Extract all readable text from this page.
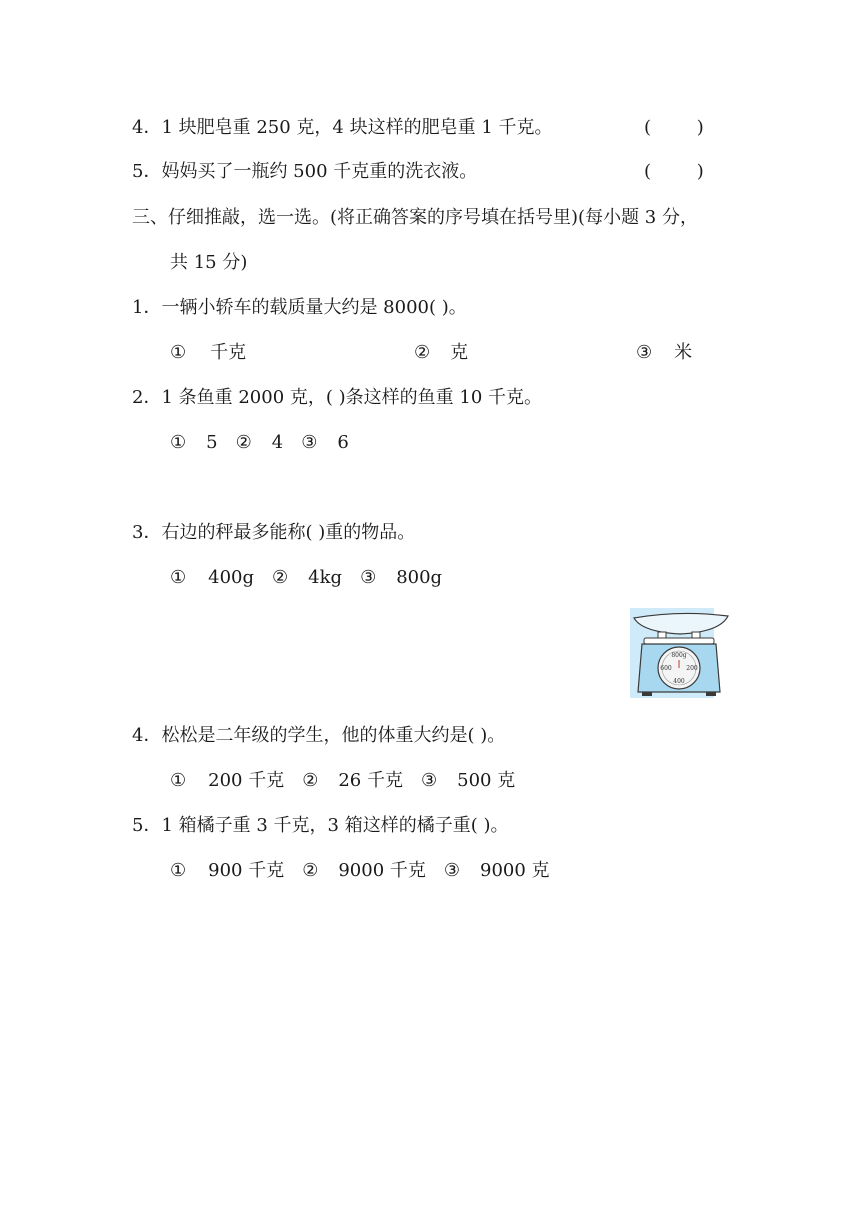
4．1 块肥皂重 250 克，4 块这样的肥皂重 1 千克。	(        )
5．妈妈买了一瓶约 500 千克重的洗衣液。	(        )
三、仔细推敲，选一选。(将正确答案的序号填在括号里)(每小题 3 分，
共 15 分)
1．一辆小轿车的载质量大约是 8000( )。
① 千克	② 克	③ 米
2．1 条鱼重 2000 克，( )条这样的鱼重 10 千克。
① 5 ② 4 ③ 6
3．右边的秤最多能称( )重的物品。
① 400g ② 4kg ③ 800g
800g
600 200
400
4．松松是二年级的学生，他的体重大约是( )。
① 200 千克 ② 26 千克 ③ 500 克
5．1 箱橘子重 3 千克，3 箱这样的橘子重( )。
① 900 千克 ② 9000 千克 ③ 9000 克
